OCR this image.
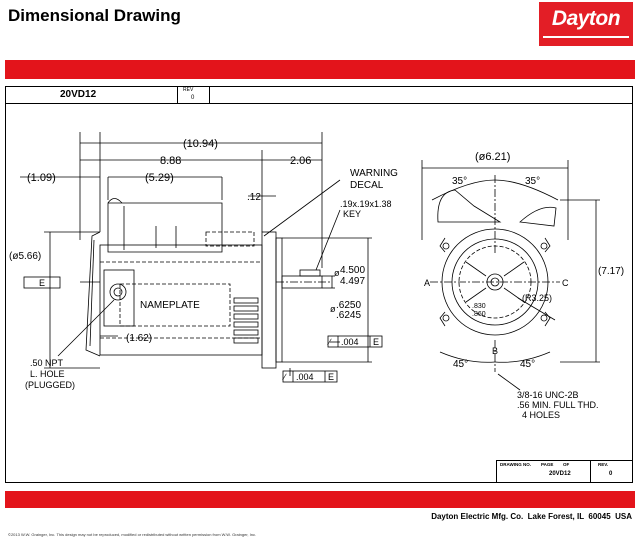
Dimensional Drawing	Dayton
20VD12	REV
0
(10.94)
8.88	2.06
(1.09)	(5.29)
.12
(ø5.66)
(1.62)
E
NAMEPLATE
WARNING
DECAL
.19x.19x1.38
KEY
ø 4.500
4.497
ø .6250
.6245
∕ .004 E
∕ .004 E
.50 NPT
L. HOLE
(PLUGGED)
(ø6.21)
35°	35°
(7.17)
(R3.25)
.830
.860
A
B
C
45°	45°
3/8-16 UNC-2B
.56 MIN. FULL THD.
4 HOLES
DRAWING NO. PAGE OF	REV.
20VD12	0
Dayton Electric Mfg. Co.  Lake Forest, IL  60045  USA
©2013 W.W. Grainger, Inc. This design may not be reproduced, modified or redistributed without written permission from W.W. Grainger, Inc.
